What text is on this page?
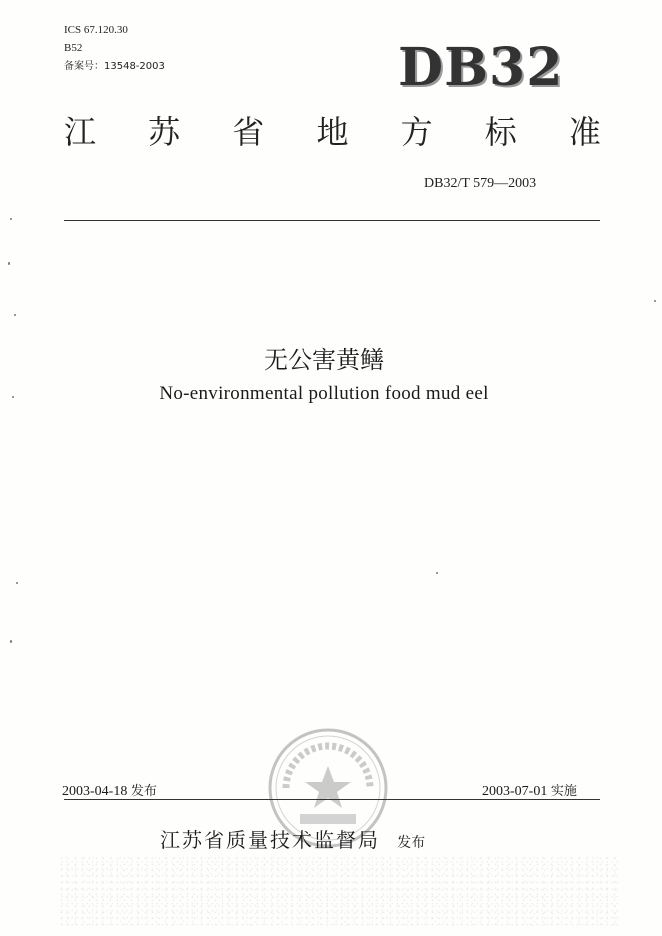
ICS 67.120.30
B52
备案号：13548-2003	DB32
江 苏 省 地 方 标 准
DB32/T 579—2003
无公害黄鳝
No-environmental pollution food mud eel
2003-04-18 发布	2003-07-01 实施
江苏省质量技术监督局 发布
